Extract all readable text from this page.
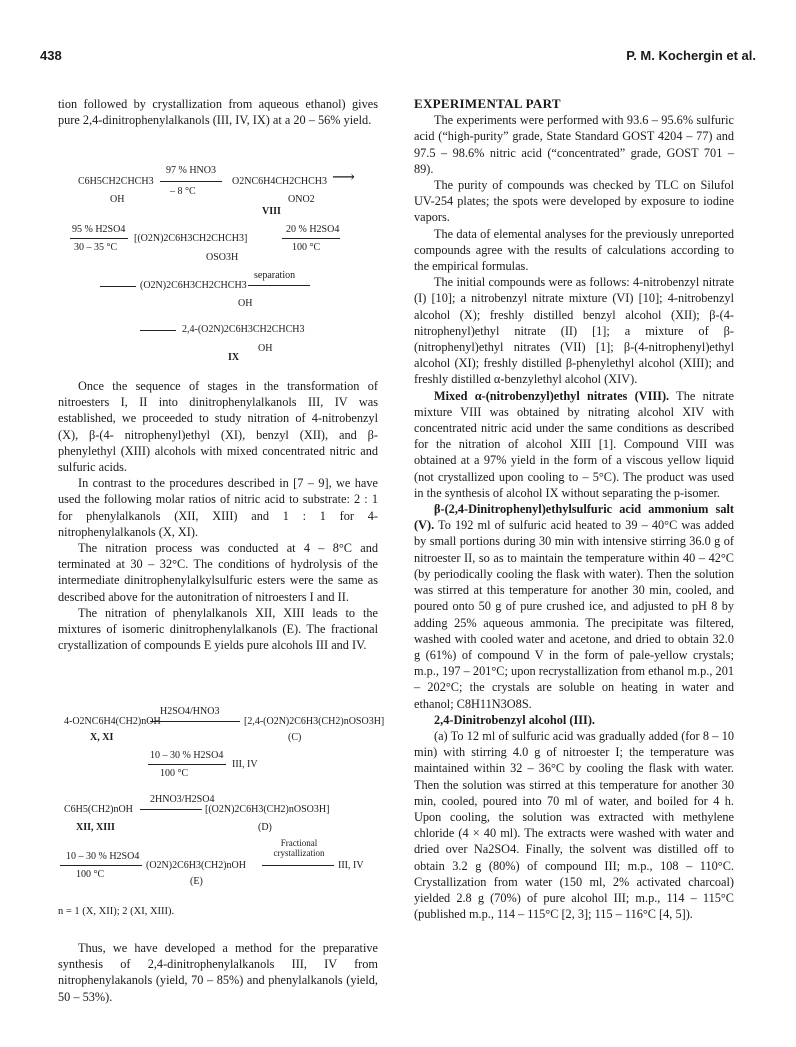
438	P. M. Kochergin et al.

tion followed by crystallization from aqueous ethanol) gives pure 2,4-dinitrophenylalkanols (III, IV, IX) at a 20 – 56% yield.

C6H5CH2CHCH3
OH
97 % HNO3
– 8 °C
O2NC6H4CH2CHCH3
ONO2
VIII
⟶
95 % H2SO4
30 – 35 °C
[(O2N)2C6H3CH2CHCH3]
OSO3H
20 % H2SO4
100 °C
(O2N)2C6H3CH2CHCH3
separation
OH
2,4-(O2N)2C6H3CH2CHCH3
IX
OH

Once the sequence of stages in the transformation of nitroesters I, II into dinitrophenylalkanols III, IV was established, we proceeded to study nitration of 4-nitrobenzyl (X), β-(4- nitrophenyl)ethyl (XI), benzyl (XII), and β-phenylethyl (XIII) alcohols with mixed concentrated nitric and sulfuric acids.

In contrast to the procedures described in [7 – 9], we have used the following molar ratios of nitric acid to substrate: 2 : 1 for phenylalkanols (XII, XIII) and 1 : 1 for 4-nitrophenylalkanols (X, XI).

The nitration process was conducted at 4 – 8°C and terminated at 30 – 32°C. The conditions of hydrolysis of the intermediate dinitrophenylalkylsulfuric esters were the same as described above for the autonitration of nitroesters I and II.

The nitration of phenylalkanols XII, XIII leads to the mixtures of isomeric dinitrophenylalkanols (E). The fractional crystallization of compounds E yields pure alcohols III and IV.

H2SO4/HNO3
4-O2NC6H4(CH2)nOH	[2,4-(O2N)2C6H3(CH2)nOSO3H]
X, XI	(C)
10 – 30 % H2SO4
III, IV
100 °C
2HNO3/H2SO4
C6H5(CH2)nOH	[(O2N)2C6H3(CH2)nOSO3H]
XII, XIII	(D)
10 – 30 % H2SO4
100 °C
(O2N)2C6H3(CH2)nOH
(E)
Fractional crystallization
III, IV
n = 1 (X, XII); 2 (XI, XIII).

Thus, we have developed a method for the preparative synthesis of 2,4-dinitrophenylalkanols III, IV from nitrophenylakanols (yield, 70 – 85%) and phenylalkanols (yield, 50 – 53%).

EXPERIMENTAL PART

The experiments were performed with 93.6 – 95.6% sulfuric acid (“high-purity” grade, State Standard GOST 4204 – 77) and 97.5 – 98.6% nitric acid (“concentrated” grade, GOST 701 – 89).

The purity of compounds was checked by TLC on Silufol UV-254 plates; the spots were developed by exposure to iodine vapors.

The data of elemental analyses for the previously unreported compounds agree with the results of calculations according to the empirical formulas.

The initial compounds were as follows: 4-nitrobenzyl nitrate (I) [10]; a nitrobenzyl nitrate mixture (VI) [10]; 4-nitrobenzyl alcohol (X); freshly distilled benzyl alcohol (XII); β-(4-nitrophenyl)ethyl nitrate (II) [1]; a mixture of β-(nitrophenyl)ethyl nitrates (VII) [1]; β-(4-nitrophenyl)ethyl alcohol (XI); freshly distilled β-phenylethyl alcohol (XIII); and freshly distilled α-benzylethyl alcohol (XIV).

Mixed α-(nitrobenzyl)ethyl nitrates (VIII). The nitrate mixture VIII was obtained by nitrating alcohol XIV with concentrated nitric acid under the same conditions as described for the nitration of alcohol XIII [1]. Compound VIII was obtained at a 97% yield in the form of a viscous yellow liquid (not crystallized upon cooling to – 5°C). The product was used in the synthesis of alcohol IX without separating the p-isomer.

β-(2,4-Dinitrophenyl)ethylsulfuric acid ammonium salt (V). To 192 ml of sulfuric acid heated to 39 – 40°C was added by small portions during 30 min with intensive stirring 36.0 g of nitroester II, so as to maintain the temperature within 40 – 42°C (by periodically cooling the flask with water). Then the solution was stirred at this temperature for another 30 min, cooled, and poured onto 50 g of pure crushed ice, and adjusted to pH 8 by adding 25% aqueous ammonia. The precipitate was filtered, washed with cooled water and acetone, and dried to obtain 32.0 g (61%) of compound V in the form of pale-yellow crystals; m.p., 197 – 201°C; upon recrystallization from ethanol m.p., 201 – 202°C; the crystals are soluble on heating in water and ethanol; C8H11N3O8S.

2,4-Dinitrobenzyl alcohol (III).

(a) To 12 ml of sulfuric acid was gradually added (for 8 – 10 min) with stirring 4.0 g of nitroester I; the temperature was maintained within 32 – 36°C by cooling the flask with water. Then the solution was stirred at this temperature for another 30 min, cooled, poured into 70 ml of water, and boiled for 4 h. Upon cooling, the solution was extracted with methylene chloride (4 × 40 ml). The extracts were washed with water and dried over Na2SO4. Finally, the solvent was distilled off to obtain 3.2 g (80%) of compound III; m.p., 108 – 110°C. Crystallization from water (150 ml, 2% activated charcoal) yielded 2.8 g (70%) of pure alcohol III; m.p., 114 – 115°C (published m.p., 114 – 115°C [2, 3]; 115 – 116°C [4, 5]).
